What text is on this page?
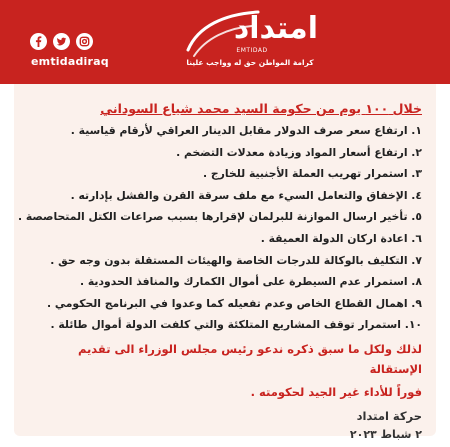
emtidadiraq
امتداد
EMTIDAD
كرامة المواطن حق له وواجب علينا
خلال ١٠٠ يوم من حكومة السيد محمد شياع السوداني
١. ارتفاع سعر صرف الدولار مقابل الدينار العراقي لأرقام قياسية .
٢. ارتفاع أسعار المواد وزيادة معدلات التضخم .
٣. استمرار تهريب العملة الأجنبية للخارج .
٤. الإخفاق والتعامل السيء مع ملف سرقة القرن والفشل بإدارته .
٥. تأخير ارسال الموازنة للبرلمان لإقرارها بسبب صراعات الكتل المتحاصصة .
٦. اعادة اركان الدولة العميقة .
٧. التكليف بالوكالة للدرجات الخاصة والهيئات المستقلة بدون وجه حق .
٨. استمرار عدم السيطرة على أموال الكمارك والمنافذ الحدودية .
٩. اهمال القطاع الخاص وعدم تفعيله كما وعدوا في البرنامج الحكومي .
١٠. استمرار توقف المشاريع المتلكئة والتي كلفت الدولة أموال طائلة .
لذلك ولكل ما سبق ذكره ندعو رئيس مجلس الوزراء الى تقديم الإستقالة
فوراً للأداء غير الجيد لحكومته .
حركة امتداد
٢ شباط ٢٠٢٣
